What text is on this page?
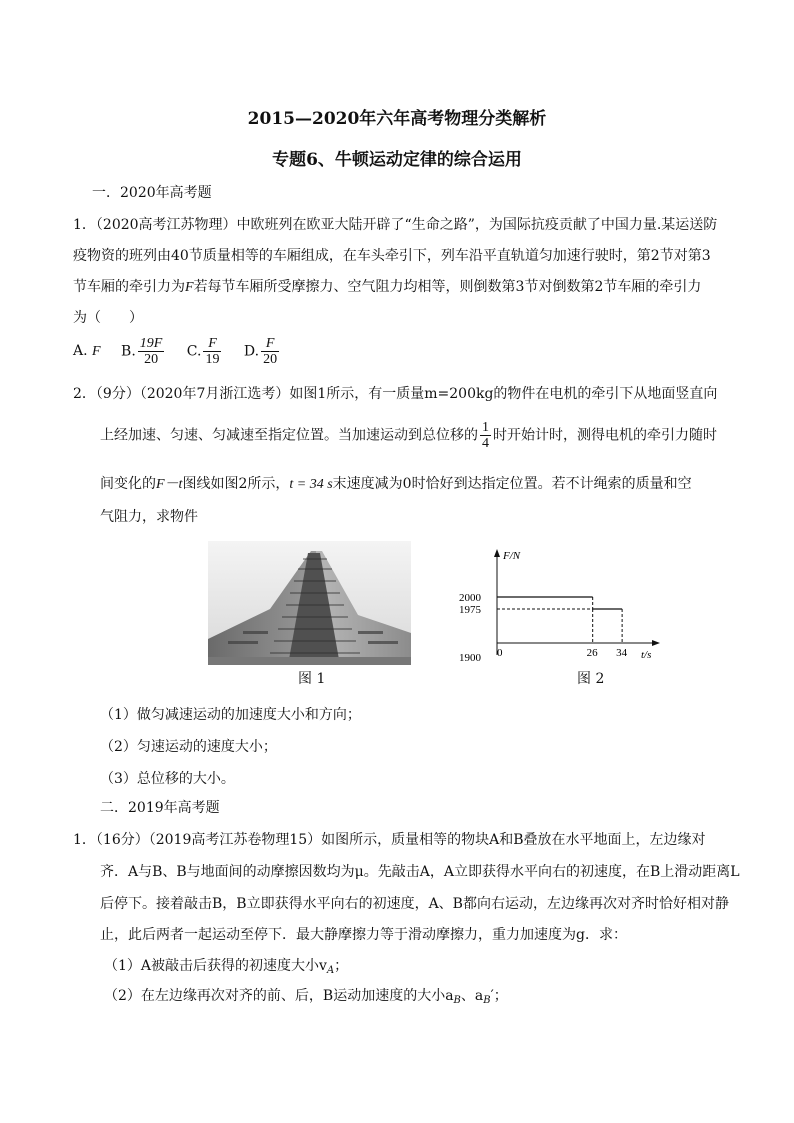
2015—2020年六年高考物理分类解析
专题6、牛顿运动定律的综合运用
一．2020年高考题
1．（2020高考江苏物理）中欧班列在欧亚大陆开辟了“生命之路”，为国际抗疫贡献了中国力量.某运送防
疫物资的班列由40节质量相等的车厢组成，在车头牵引下，列车沿平直轨道匀加速行驶时，第2节对第3
节车厢的牵引力为F若每节车厢所受摩擦力、空气阻力均相等，则倒数第3节对倒数第2节车厢的牵引力
为（　　）
A. F B. $\frac{19F}{20} C$. $\frac{F}{19} D$. $\frac{F}{20}$
2．（9分）（2020年7月浙江选考）如图1所示，有一质量m=200kg的物件在电机的牵引下从地面竖直向
上经加速、匀速、匀减速至指定位置。当加速运动到总位移的 $\frac{1}{4}$ 时开始计时，测得电机的牵引力随时
间变化的F－t图线如图2所示，t = 34 s末速度减为0时恰好到达指定位置。若不计绳索的质量和空
气阻力，求物件
图 1
F/N
t/s
1900
1975
2000
0	26 34
图 2
（1）做匀减速运动的加速度大小和方向；
（2）匀速运动的速度大小；
（3）总位移的大小。
二．2019年高考题
1．（16分）（2019高考江苏卷物理15）如图所示，质量相等的物块A和B叠放在水平地面上，左边缘对
齐．A与B、B与地面间的动摩擦因数均为μ。先敲击A，A立即获得水平向右的初速度，在B上滑动距离L
后停下。接着敲击B，B立即获得水平向右的初速度，A、B都向右运动，左边缘再次对齐时恰好相对静
止，此后两者一起运动至停下．最大静摩擦力等于滑动摩擦力，重力加速度为g．求：
（1）A被敲击后获得的初速度大小$v_A$；
（2）在左边缘再次对齐的前、后，B运动加速度的大小$a_B$、$a_B'$；
